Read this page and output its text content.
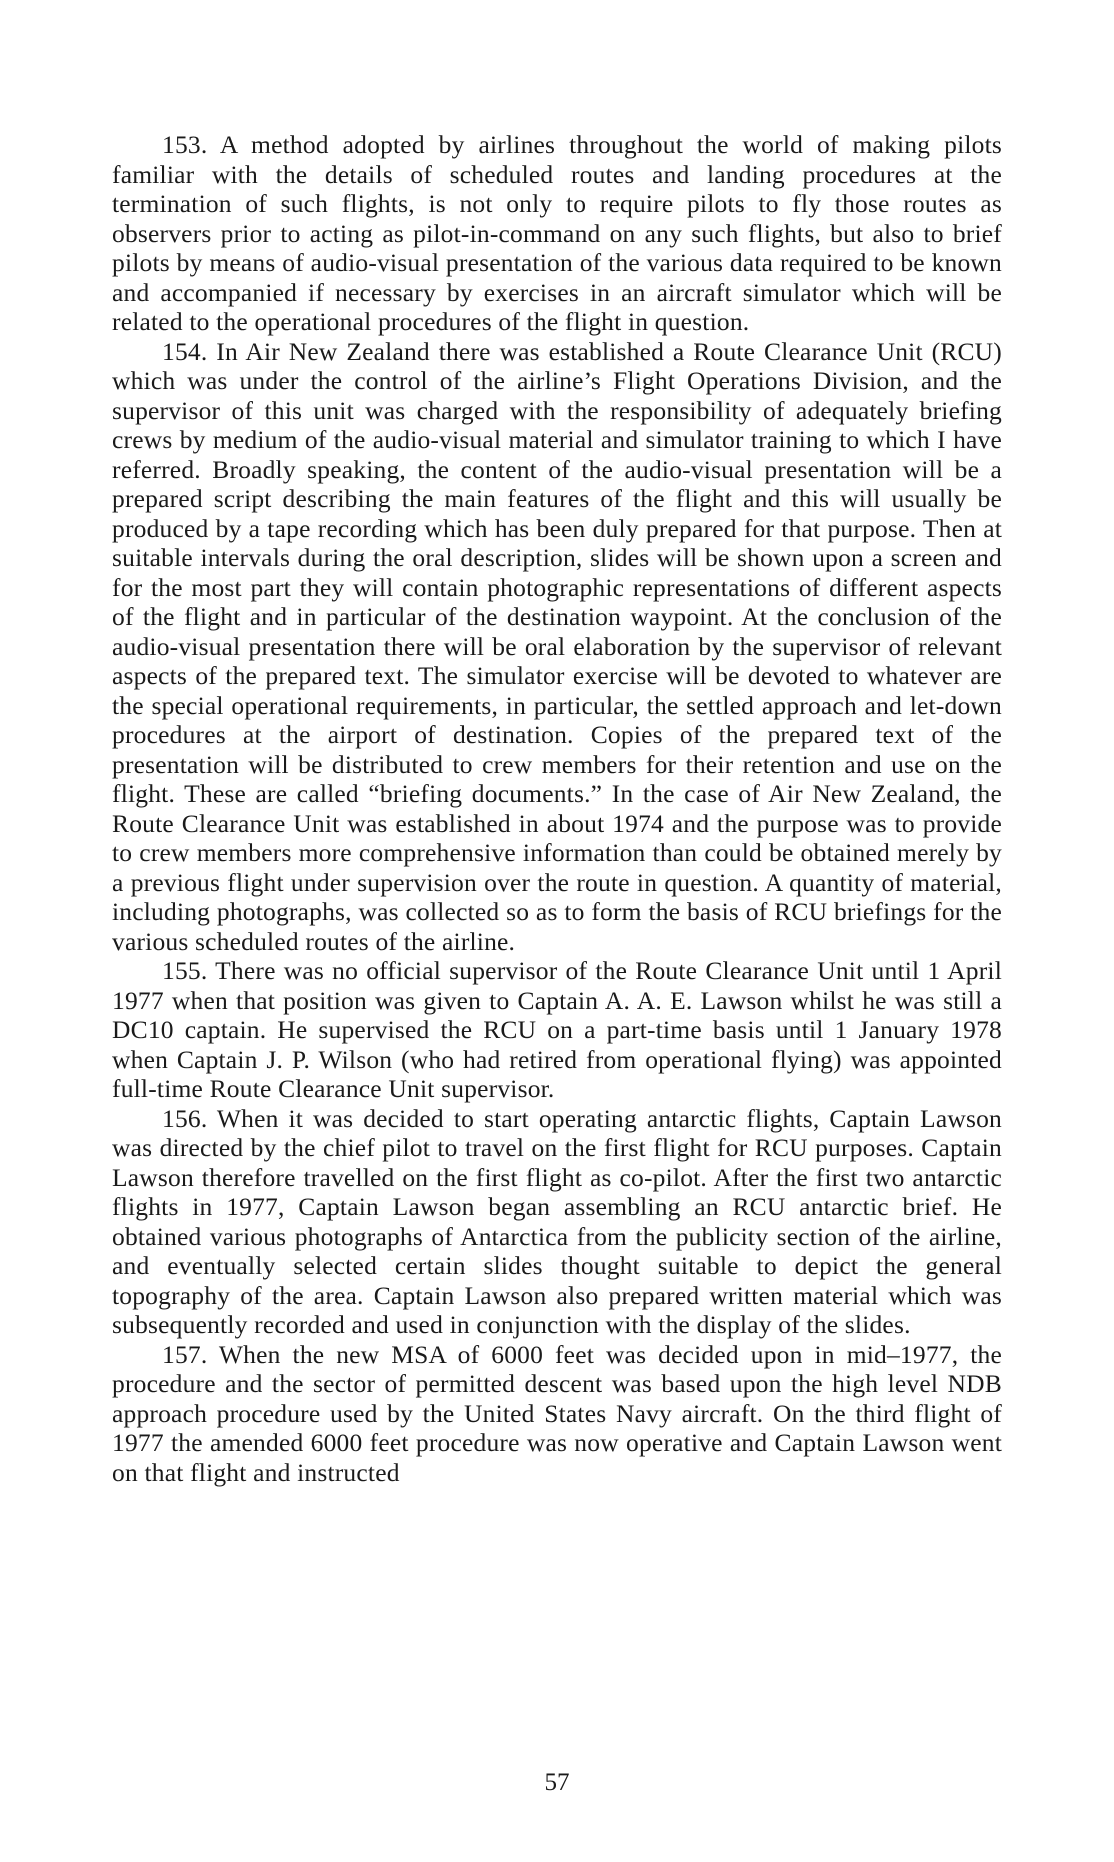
153. A method adopted by airlines throughout the world of making pilots familiar with the details of scheduled routes and landing procedures at the termination of such flights, is not only to require pilots to fly those routes as observers prior to acting as pilot-in-command on any such flights, but also to brief pilots by means of audio-visual presentation of the various data required to be known and accompanied if necessary by exercises in an aircraft simulator which will be related to the operational procedures of the flight in question.

154. In Air New Zealand there was established a Route Clearance Unit (RCU) which was under the control of the airline’s Flight Operations Division, and the supervisor of this unit was charged with the responsibility of adequately briefing crews by medium of the audio-visual material and simulator training to which I have referred. Broadly speaking, the content of the audio-visual presentation will be a prepared script describing the main features of the flight and this will usually be produced by a tape recording which has been duly prepared for that purpose. Then at suitable intervals during the oral description, slides will be shown upon a screen and for the most part they will contain photographic representations of different aspects of the flight and in particular of the destination waypoint. At the conclusion of the audio-visual presentation there will be oral elaboration by the supervisor of relevant aspects of the prepared text. The simulator exercise will be devoted to whatever are the special operational requirements, in particular, the settled approach and let-down procedures at the airport of destination. Copies of the prepared text of the presentation will be distributed to crew members for their retention and use on the flight. These are called “briefing documents.” In the case of Air New Zealand, the Route Clearance Unit was established in about 1974 and the purpose was to provide to crew members more comprehensive information than could be obtained merely by a previous flight under supervision over the route in question. A quantity of material, including photographs, was collected so as to form the basis of RCU briefings for the various scheduled routes of the airline.

155. There was no official supervisor of the Route Clearance Unit until 1 April 1977 when that position was given to Captain A. A. E. Lawson whilst he was still a DC10 captain. He supervised the RCU on a part-time basis until 1 January 1978 when Captain J. P. Wilson (who had retired from operational flying) was appointed full-time Route Clearance Unit supervisor.

156. When it was decided to start operating antarctic flights, Captain Lawson was directed by the chief pilot to travel on the first flight for RCU purposes. Captain Lawson therefore travelled on the first flight as co-pilot. After the first two antarctic flights in 1977, Captain Lawson began assembling an RCU antarctic brief. He obtained various photographs of Antarctica from the publicity section of the airline, and eventually selected certain slides thought suitable to depict the general topography of the area. Captain Lawson also prepared written material which was subsequently recorded and used in conjunction with the display of the slides.

157. When the new MSA of 6000 feet was decided upon in mid–1977, the procedure and the sector of permitted descent was based upon the high level NDB approach procedure used by the United States Navy aircraft. On the third flight of 1977 the amended 6000 feet procedure was now operative and Captain Lawson went on that flight and instructed

57
